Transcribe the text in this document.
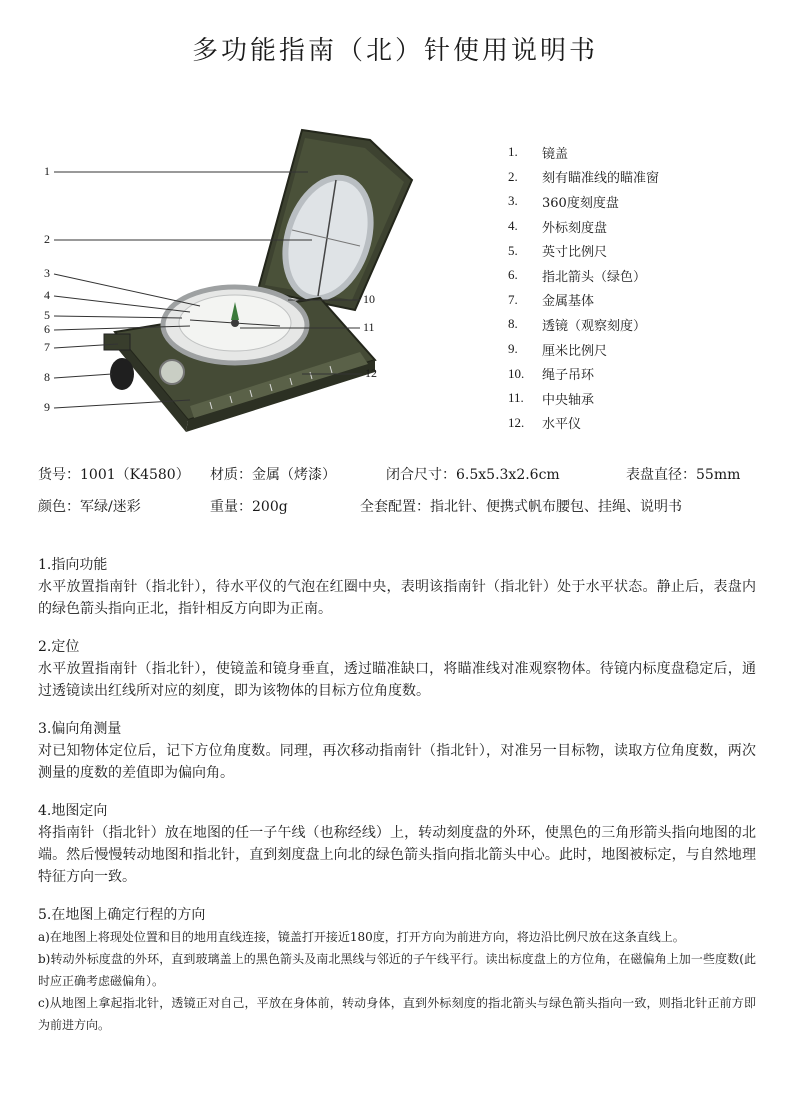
多功能指南（北）针使用说明书
1
2
3
4
5
6
7
8
9
10
11
12
1.	镜盖
2.	刻有瞄准线的瞄准窗
3.	360度刻度盘
4.	外标刻度盘
5.	英寸比例尺
6.	指北箭头（绿色）
7.	金属基体
8.	透镜（观察刻度）
9.	厘米比例尺
10.	绳子吊环
11.	中央轴承
12.	水平仪
货号：1001（K4580） 材质：金属（烤漆）	闭合尺寸：6.5x5.3x2.6cm	表盘直径：55mm
颜色：军绿/迷彩	重量：200g	全套配置：指北针、便携式帆布腰包、挂绳、说明书
1.指向功能

水平放置指南针（指北针），待水平仪的气泡在红圈中央，表明该指南针（指北针）处于水平状态。静止后，表盘内的绿色箭头指向正北，指针相反方向即为正南。

2.定位

水平放置指南针（指北针），使镜盖和镜身垂直，透过瞄准缺口，将瞄准线对准观察物体。待镜内标度盘稳定后，通过透镜读出红线所对应的刻度，即为该物体的目标方位角度数。

3.偏向角测量

对已知物体定位后，记下方位角度数。同理，再次移动指南针（指北针），对准另一目标物，读取方位角度数，两次测量的度数的差值即为偏向角。

4.地图定向

将指南针（指北针）放在地图的任一子午线（也称经线）上，转动刻度盘的外环，使黑色的三角形箭头指向地图的北端。然后慢慢转动地图和指北针，直到刻度盘上向北的绿色箭头指向指北箭头中心。此时，地图被标定，与自然地理特征方向一致。

5.在地图上确定行程的方向

a)在地图上将现处位置和目的地用直线连接，镜盖打开接近180度，打开方向为前进方向，将边沿比例尺放在这条直线上。

b)转动外标度盘的外环，直到玻璃盖上的黑色箭头及南北黑线与邻近的子午线平行。读出标度盘上的方位角，在磁偏角上加一些度数(此时应正确考虑磁偏角）。

c)从地图上拿起指北针，透镜正对自己，平放在身体前，转动身体，直到外标刻度的指北箭头与绿色箭头指向一致，则指北针正前方即为前进方向。
